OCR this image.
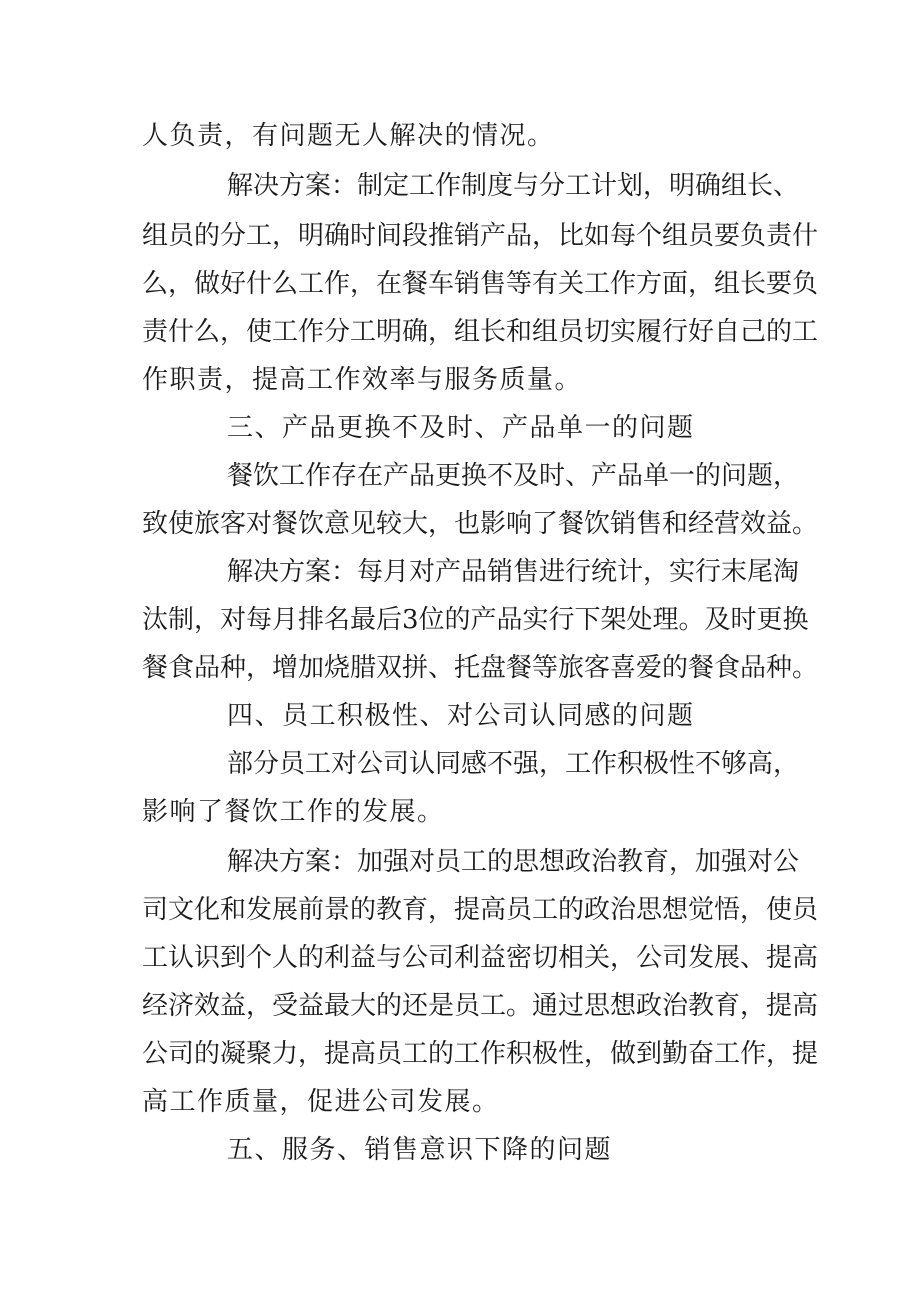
人负责，有问题无人解决的情况。
解决方案：制定工作制度与分工计划，明确组长、
组员的分工，明确时间段推销产品，比如每个组员要负责什
么，做好什么工作，在餐车销售等有关工作方面，组长要负
责什么，使工作分工明确，组长和组员切实履行好自己的工
作职责，提高工作效率与服务质量。
三、产品更换不及时、产品单一的问题
餐饮工作存在产品更换不及时、产品单一的问题，
致使旅客对餐饮意见较大，也影响了餐饮销售和经营效益。
解决方案：每月对产品销售进行统计，实行末尾淘
汰制，对每月排名最后3位的产品实行下架处理。及时更换
餐食品种，增加烧腊双拼、托盘餐等旅客喜爱的餐食品种。
四、员工积极性、对公司认同感的问题
部分员工对公司认同感不强，工作积极性不够高，
影响了餐饮工作的发展。
解决方案：加强对员工的思想政治教育，加强对公
司文化和发展前景的教育，提高员工的政治思想觉悟，使员
工认识到个人的利益与公司利益密切相关，公司发展、提高
经济效益，受益最大的还是员工。通过思想政治教育，提高
公司的凝聚力，提高员工的工作积极性，做到勤奋工作，提
高工作质量，促进公司发展。
五、服务、销售意识下降的问题
